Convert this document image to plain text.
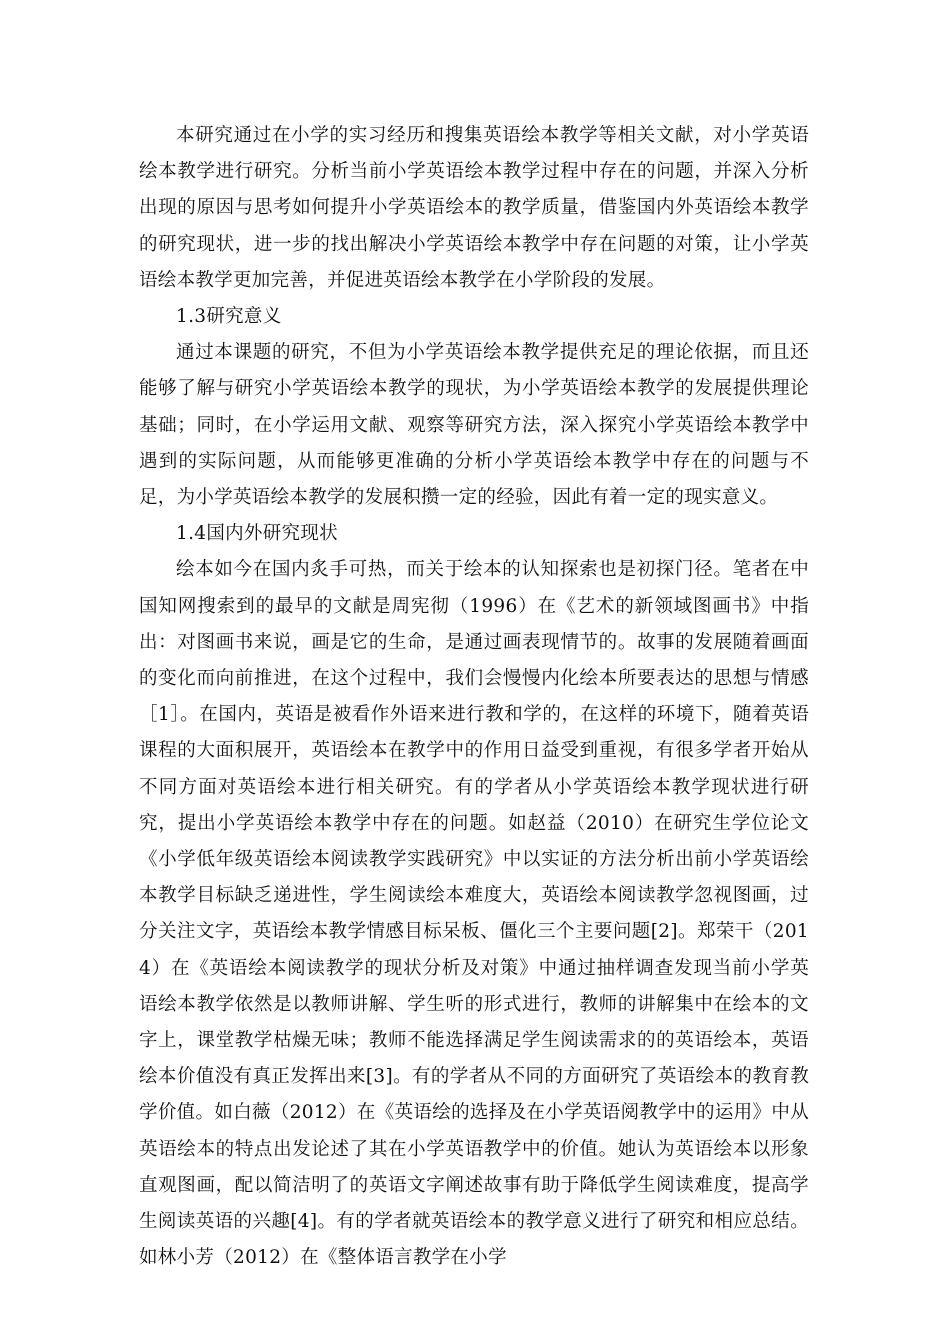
本研究通过在小学的实习经历和搜集英语绘本教学等相关文献，对小学英语绘本教学进行研究。分析当前小学英语绘本教学过程中存在的问题，并深入分析出现的原因与思考如何提升小学英语绘本的教学质量，借鉴国内外英语绘本教学的研究现状，进一步的找出解决小学英语绘本教学中存在问题的对策，让小学英语绘本教学更加完善，并促进英语绘本教学在小学阶段的发展。

1.3研究意义

通过本课题的研究，不但为小学英语绘本教学提供充足的理论依据，而且还能够了解与研究小学英语绘本教学的现状，为小学英语绘本教学的发展提供理论基础；同时，在小学运用文献、观察等研究方法，深入探究小学英语绘本教学中遇到的实际问题，从而能够更准确的分析小学英语绘本教学中存在的问题与不足，为小学英语绘本教学的发展积攒一定的经验，因此有着一定的现实意义。

1.4国内外研究现状

绘本如今在国内炙手可热，而关于绘本的认知探索也是初探门径。笔者在中国知网搜索到的最早的文献是周宪彻（1996）在《艺术的新领域图画书》中指出：对图画书来说，画是它的生命，是通过画表现情节的。故事的发展随着画面的变化而向前推进，在这个过程中，我们会慢慢内化绘本所要表达的思想与情感［1］。在国内，英语是被看作外语来进行教和学的，在这样的环境下，随着英语课程的大面积展开，英语绘本在教学中的作用日益受到重视，有很多学者开始从不同方面对英语绘本进行相关研究。有的学者从小学英语绘本教学现状进行研究，提出小学英语绘本教学中存在的问题。如赵益（2010）在研究生学位论文《小学低年级英语绘本阅读教学实践研究》中以实证的方法分析出前小学英语绘本教学目标缺乏递进性，学生阅读绘本难度大，英语绘本阅读教学忽视图画，过分关注文字，英语绘本教学情感目标呆板、僵化三个主要问题[2]。郑荣干（2014）在《英语绘本阅读教学的现状分析及对策》中通过抽样调查发现当前小学英语绘本教学依然是以教师讲解、学生听的形式进行，教师的讲解集中在绘本的文字上，课堂教学枯燥无味；教师不能选择满足学生阅读需求的的英语绘本，英语绘本价值没有真正发挥出来[3]。有的学者从不同的方面研究了英语绘本的教育教学价值。如白薇（2012）在《英语绘的选择及在小学英语阅教学中的运用》中从英语绘本的特点出发论述了其在小学英语教学中的价值。她认为英语绘本以形象直观图画，配以简洁明了的英语文字阐述故事有助于降低学生阅读难度，提高学生阅读英语的兴趣[4]。有的学者就英语绘本的教学意义进行了研究和相应总结。如林小芳（2012）在《整体语言教学在小学
